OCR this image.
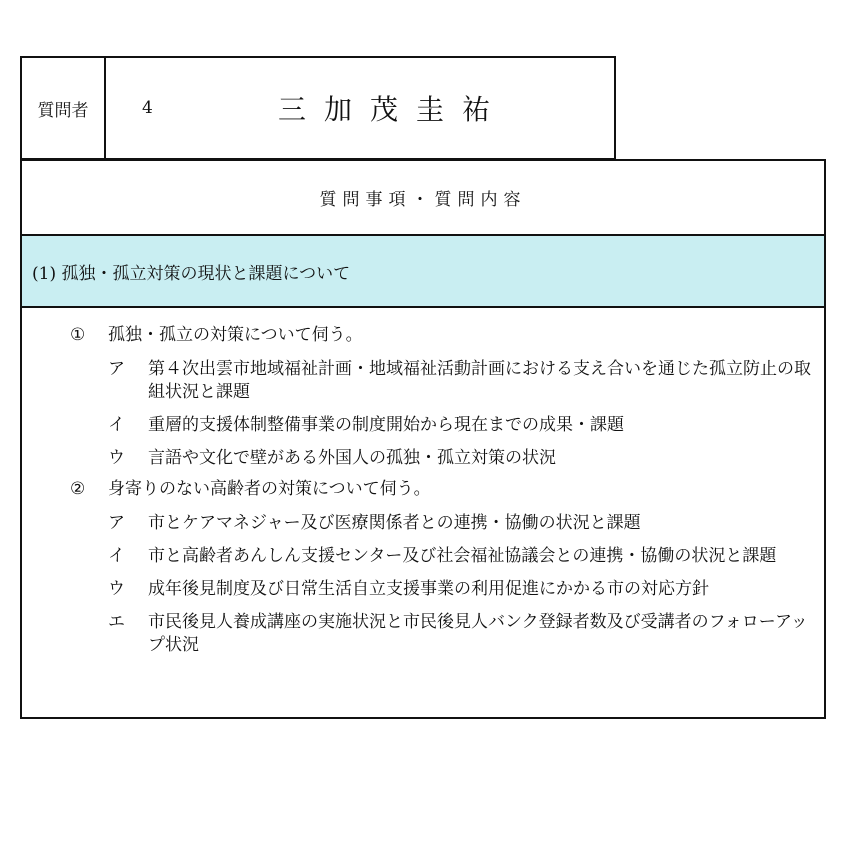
質問者	4	三加茂圭祐
質問事項・質問内容
(1) 孤独・孤立対策の現状と課題について
① 孤独・孤立の対策について伺う。
ア 第４次出雲市地域福祉計画・地域福祉活動計画における支え合いを通じた孤立防止の取組状況と課題
イ 重層的支援体制整備事業の制度開始から現在までの成果・課題
ウ 言語や文化で壁がある外国人の孤独・孤立対策の状況
② 身寄りのない高齢者の対策について伺う。
ア 市とケアマネジャー及び医療関係者との連携・協働の状況と課題
イ 市と高齢者あんしん支援センター及び社会福祉協議会との連携・協働の状況と課題
ウ 成年後見制度及び日常生活自立支援事業の利用促進にかかる市の対応方針
エ 市民後見人養成講座の実施状況と市民後見人バンク登録者数及び受講者のフォローアップ状況
